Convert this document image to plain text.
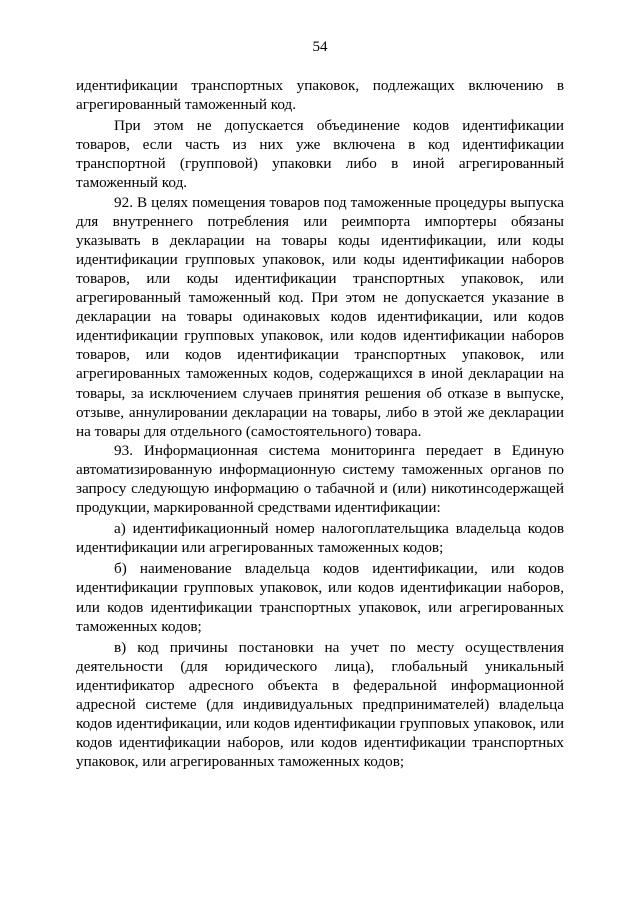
54

идентификации транспортных упаковок, подлежащих включению в агрегированный таможенный код.

При этом не допускается объединение кодов идентификации товаров, если часть из них уже включена в код идентификации транспортной (групповой) упаковки либо в иной агрегированный таможенный код.

92. В целях помещения товаров под таможенные процедуры выпуска для внутреннего потребления или реимпорта импортеры обязаны указывать в декларации на товары коды идентификации, или коды идентификации групповых упаковок, или коды идентификации наборов товаров, или коды идентификации транспортных упаковок, или агрегированный таможенный код. При этом не допускается указание в декларации на товары одинаковых кодов идентификации, или кодов идентификации групповых упаковок, или кодов идентификации наборов товаров, или кодов идентификации транспортных упаковок, или агрегированных таможенных кодов, содержащихся в иной декларации на товары, за исключением случаев принятия решения об отказе в выпуске, отзыве, аннулировании декларации на товары, либо в этой же декларации на товары для отдельного (самостоятельного) товара.

93. Информационная система мониторинга передает в Единую автоматизированную информационную систему таможенных органов по запросу следующую информацию о табачной и (или) никотинсодержащей продукции, маркированной средствами идентификации:

а) идентификационный номер налогоплательщика владельца кодов идентификации или агрегированных таможенных кодов;

б) наименование владельца кодов идентификации, или кодов идентификации групповых упаковок, или кодов идентификации наборов, или кодов идентификации транспортных упаковок, или агрегированных таможенных кодов;

в) код причины постановки на учет по месту осуществления деятельности (для юридического лица), глобальный уникальный идентификатор адресного объекта в федеральной информационной адресной системе (для индивидуальных предпринимателей) владельца кодов идентификации, или кодов идентификации групповых упаковок, или кодов идентификации наборов, или кодов идентификации транспортных упаковок, или агрегированных таможенных кодов;
